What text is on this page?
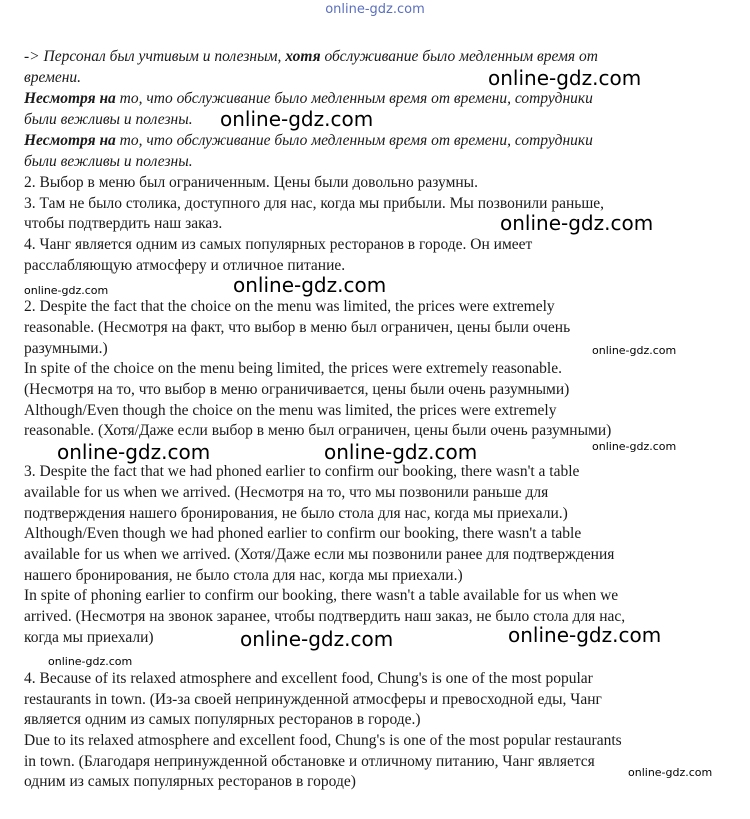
online-gdz.com
-> Персонал был учтивым и полезным, хотя обслуживание было медленным время от
времени.
Несмотря на то, что обслуживание было медленным время от времени, сотрудники
были вежливы и полезны.
Несмотря на то, что обслуживание было медленным время от времени, сотрудники
были вежливы и полезны.
2. Выбор в меню был ограниченным. Цены были довольно разумны.
3. Там не было столика, доступного для нас, когда мы прибыли. Мы позвонили раньше,
чтобы подтвердить наш заказ.
4. Чанг является одним из самых популярных ресторанов в городе. Он имеет
расслабляющую атмосферу и отличное питание.
2. Despite the fact that the choice on the menu was limited, the prices were extremely
reasonable. (Несмотря на факт, что выбор в меню был ограничен, цены были очень
разумными.)
In spite of the choice on the menu being limited, the prices were extremely reasonable.
(Несмотря на то, что выбор в меню ограничивается, цены были очень разумными)
Although/Even though the choice on the menu was limited, the prices were extremely
reasonable. (Хотя/Даже если выбор в меню был ограничен, цены были очень разумными)
3. Despite the fact that we had phoned earlier to confirm our booking, there wasn't a table
available for us when we arrived. (Несмотря на то, что мы позвонили раньше для
подтверждения нашего бронирования, не было стола для нас, когда мы приехали.)
Although/Even though we had phoned earlier to confirm our booking, there wasn't a table
available for us when we arrived. (Хотя/Даже если мы позвонили ранее для подтверждения
нашего бронирования, не было стола для нас, когда мы приехали.)
In spite of phoning earlier to confirm our booking, there wasn't a table available for us when we
arrived. (Несмотря на звонок заранее, чтобы подтвердить наш заказ, не было стола для нас,
когда мы приехали)
4. Because of its relaxed atmosphere and excellent food, Chung's is one of the most popular
restaurants in town. (Из-за своей непринужденной атмосферы и превосходной еды, Чанг
является одним из самых популярных ресторанов в городе.)
Due to its relaxed atmosphere and excellent food, Chung's is one of the most popular restaurants
in town. (Благодаря непринужденной обстановке и отличному питанию, Чанг является
одним из самых популярных ресторанов в городе)
online-gdz.com
online-gdz.com
online-gdz.com
online-gdz.com
online-gdz.com
online-gdz.com
online-gdz.com	online-gdz.com	online-gdz.com
online-gdz.com	online-gdz.com
online-gdz.com
online-gdz.com
